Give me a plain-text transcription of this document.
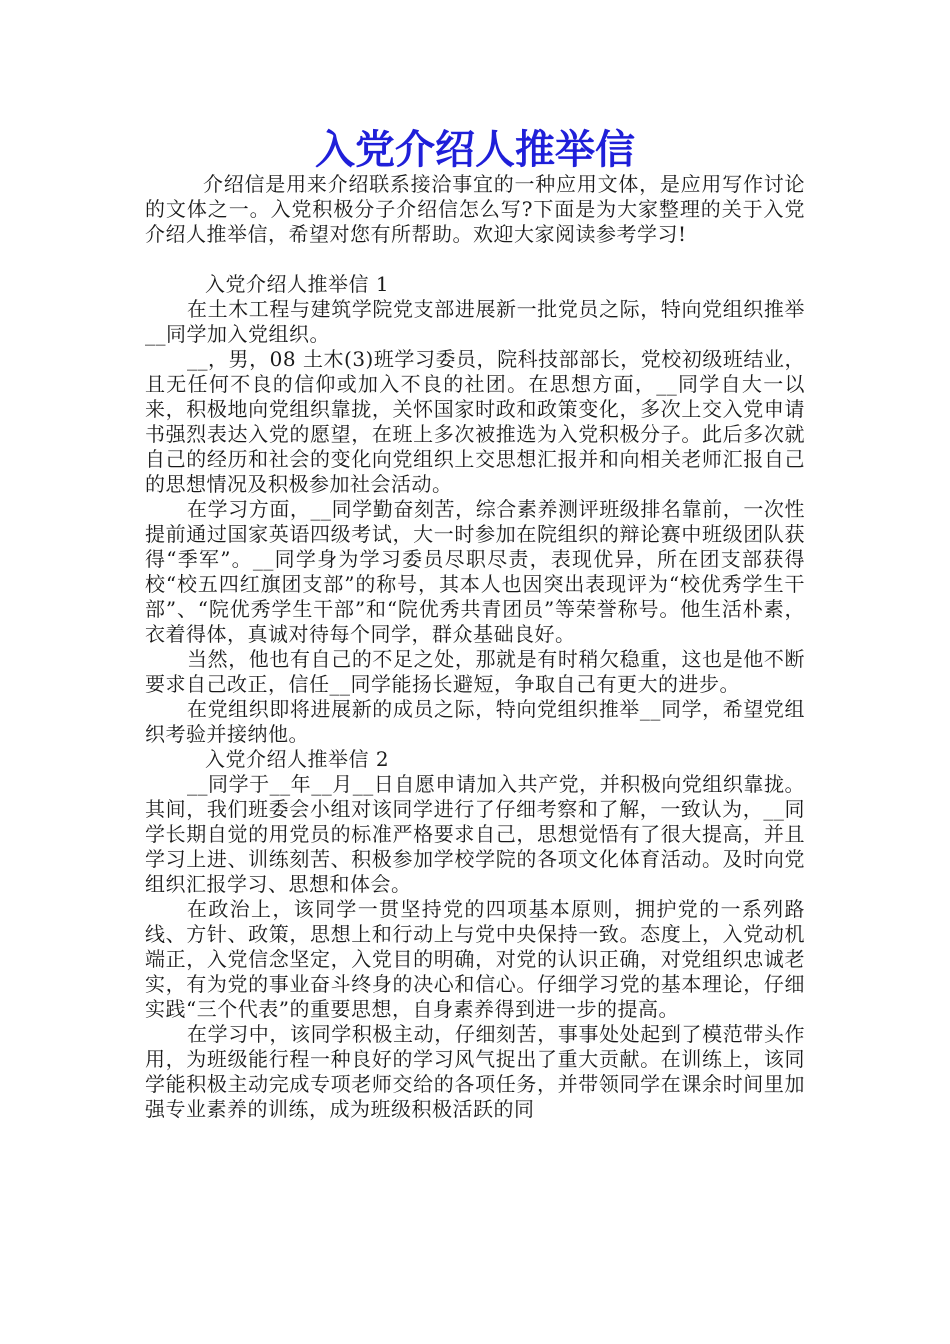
入党介绍人推举信

介绍信是用来介绍联系接洽事宜的一种应用文体，是应用写作讨论的文体之一。入党积极分子介绍信怎么写?下面是为大家整理的关于入党介绍人推举信，希望对您有所帮助。欢迎大家阅读参考学习!

入党介绍人推举信 1

在土木工程与建筑学院党支部进展新一批党员之际，特向党组织推举__同学加入党组织。

__，男，08 土木(3)班学习委员，院科技部部长，党校初级班结业，且无任何不良的信仰或加入不良的社团。在思想方面，__同学自大一以来，积极地向党组织靠拢，关怀国家时政和政策变化，多次上交入党申请书强烈表达入党的愿望，在班上多次被推选为入党积极分子。此后多次就自己的经历和社会的变化向党组织上交思想汇报并和向相关老师汇报自己的思想情况及积极参加社会活动。

在学习方面，__同学勤奋刻苦，综合素养测评班级排名靠前，一次性提前通过国家英语四级考试，大一时参加在院组织的辩论赛中班级团队获得“季军”。__同学身为学习委员尽职尽责，表现优异，所在团支部获得校“校五四红旗团支部”的称号，其本人也因突出表现评为“校优秀学生干部”、“院优秀学生干部”和“院优秀共青团员”等荣誉称号。他生活朴素，衣着得体，真诚对待每个同学，群众基础良好。

当然，他也有自己的不足之处，那就是有时稍欠稳重，这也是他不断要求自己改正，信任__同学能扬长避短，争取自己有更大的进步。

在党组织即将进展新的成员之际，特向党组织推举__同学，希望党组织考验并接纳他。

入党介绍人推举信 2

__同学于__年__月__日自愿申请加入共产党，并积极向党组织靠拢。其间，我们班委会小组对该同学进行了仔细考察和了解，一致认为，__同学长期自觉的用党员的标准严格要求自己，思想觉悟有了很大提高，并且学习上进、训练刻苦、积极参加学校学院的各项文化体育活动。及时向党组织汇报学习、思想和体会。

在政治上，该同学一贯坚持党的四项基本原则，拥护党的一系列路线、方针、政策，思想上和行动上与党中央保持一致。态度上，入党动机端正，入党信念坚定，入党目的明确，对党的认识正确，对党组织忠诚老实，有为党的事业奋斗终身的决心和信心。仔细学习党的基本理论，仔细实践“三个代表”的重要思想，自身素养得到进一步的提高。

在学习中，该同学积极主动，仔细刻苦，事事处处起到了模范带头作用，为班级能行程一种良好的学习风气捉出了重大贡献。在训练上，该同学能积极主动完成专项老师交给的各项任务，并带领同学在课余时间里加强专业素养的训练，成为班级积极活跃的同
